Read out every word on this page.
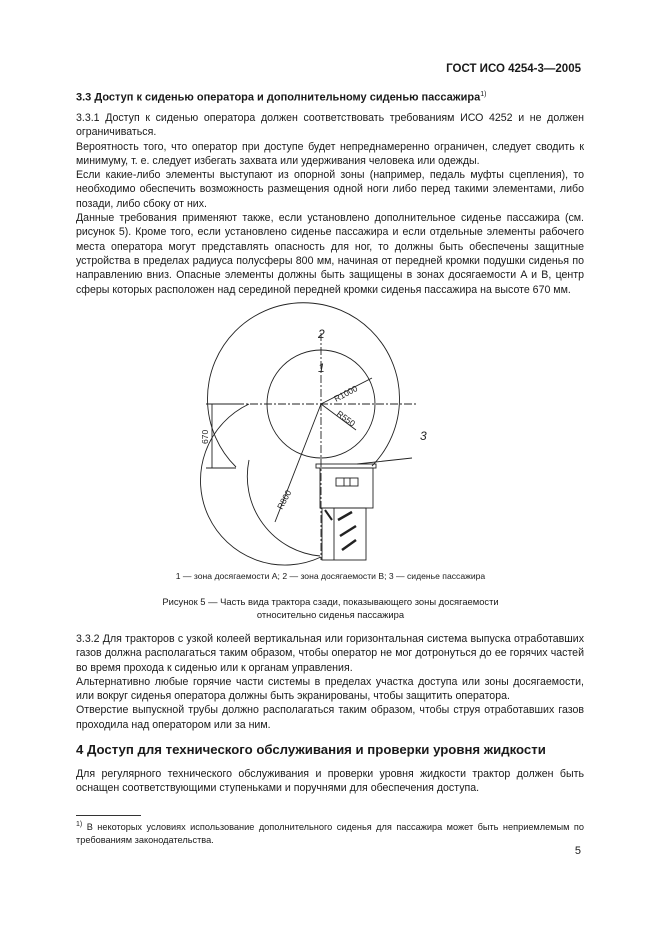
ГОСТ ИСО 4254-3—2005
3.3 Доступ к сиденью оператора и дополнительному сиденью пассажира$^{1)}$

3.3.1 Доступ к сиденью оператора должен соответствовать требованиям ИСО 4252 и не должен ограничиваться.

Вероятность того, что оператор при доступе будет непреднамеренно ограничен, следует сводить к минимуму, т. е. следует избегать захвата или удерживания человека или одежды.

Если какие-либо элементы выступают из опорной зоны (например, педаль муфты сцепления), то необходимо обеспечить возможность размещения одной ноги либо перед такими элементами, либо позади, либо сбоку от них.

Данные требования применяют также, если установлено дополнительное сиденье пассажира (см. рисунок 5). Кроме того, если установлено сиденье пассажира и если отдельные элементы рабочего места оператора могут представлять опасность для ног, то должны быть обеспечены защитные устройства в пределах радиуса полусферы 800 мм, начиная от передней кромки подушки сиденья по направлению вниз. Опасные элементы должны быть защищены в зонах досягаемости A и B, центр сферы которых расположен над серединой передней кромки сиденья пассажира на высоте 670 мм.

2
1
3
R1000
R550
R800
670
1 — зона досягаемости A; 2 — зона досягаемости B; 3 — сиденье пассажира
Рисунок 5 — Часть вида трактора сзади, показывающего зоны досягаемости
относительно сиденья пассажира

3.3.2 Для тракторов с узкой колеей вертикальная или горизонтальная система выпуска отработавших газов должна располагаться таким образом, чтобы оператор не мог дотронуться до ее горячих частей во время прохода к сиденью или к органам управления.

Альтернативно любые горячие части системы в пределах участка доступа или зоны досягаемости, или вокруг сиденья оператора должны быть экранированы, чтобы защитить оператора.

Отверстие выпускной трубы должно располагаться таким образом, чтобы струя отработавших газов проходила над оператором или за ним.

4 Доступ для технического обслуживания и проверки уровня жидкости

Для регулярного технического обслуживания и проверки уровня жидкости трактор должен быть оснащен соответствующими ступеньками и поручнями для обеспечения доступа.

$^{1)}$ В некоторых условиях использование дополнительного сиденья для пассажира может быть неприемлемым по требованиям законодательства.
5
